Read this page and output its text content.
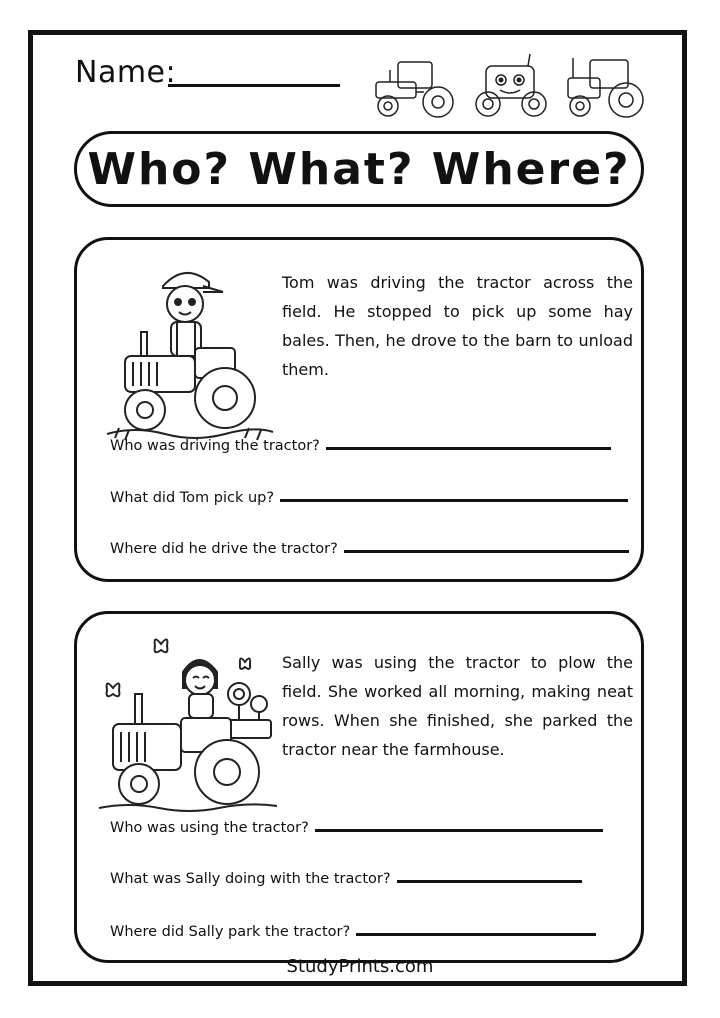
Name:
Who? What? Where?
Tom was driving the tractor across the field. He stopped to pick up some hay bales. Then, he drove to the barn to unload them.
Who was driving the tractor?
What did Tom pick up?
Where did he drive the tractor?
Sally was using the tractor to plow the field. She worked all morning, making neat rows. When she finished, she parked the tractor near the farmhouse.
Who was using the tractor?
What was Sally doing with the tractor?
Where did Sally park the tractor?
StudyPrints.com
